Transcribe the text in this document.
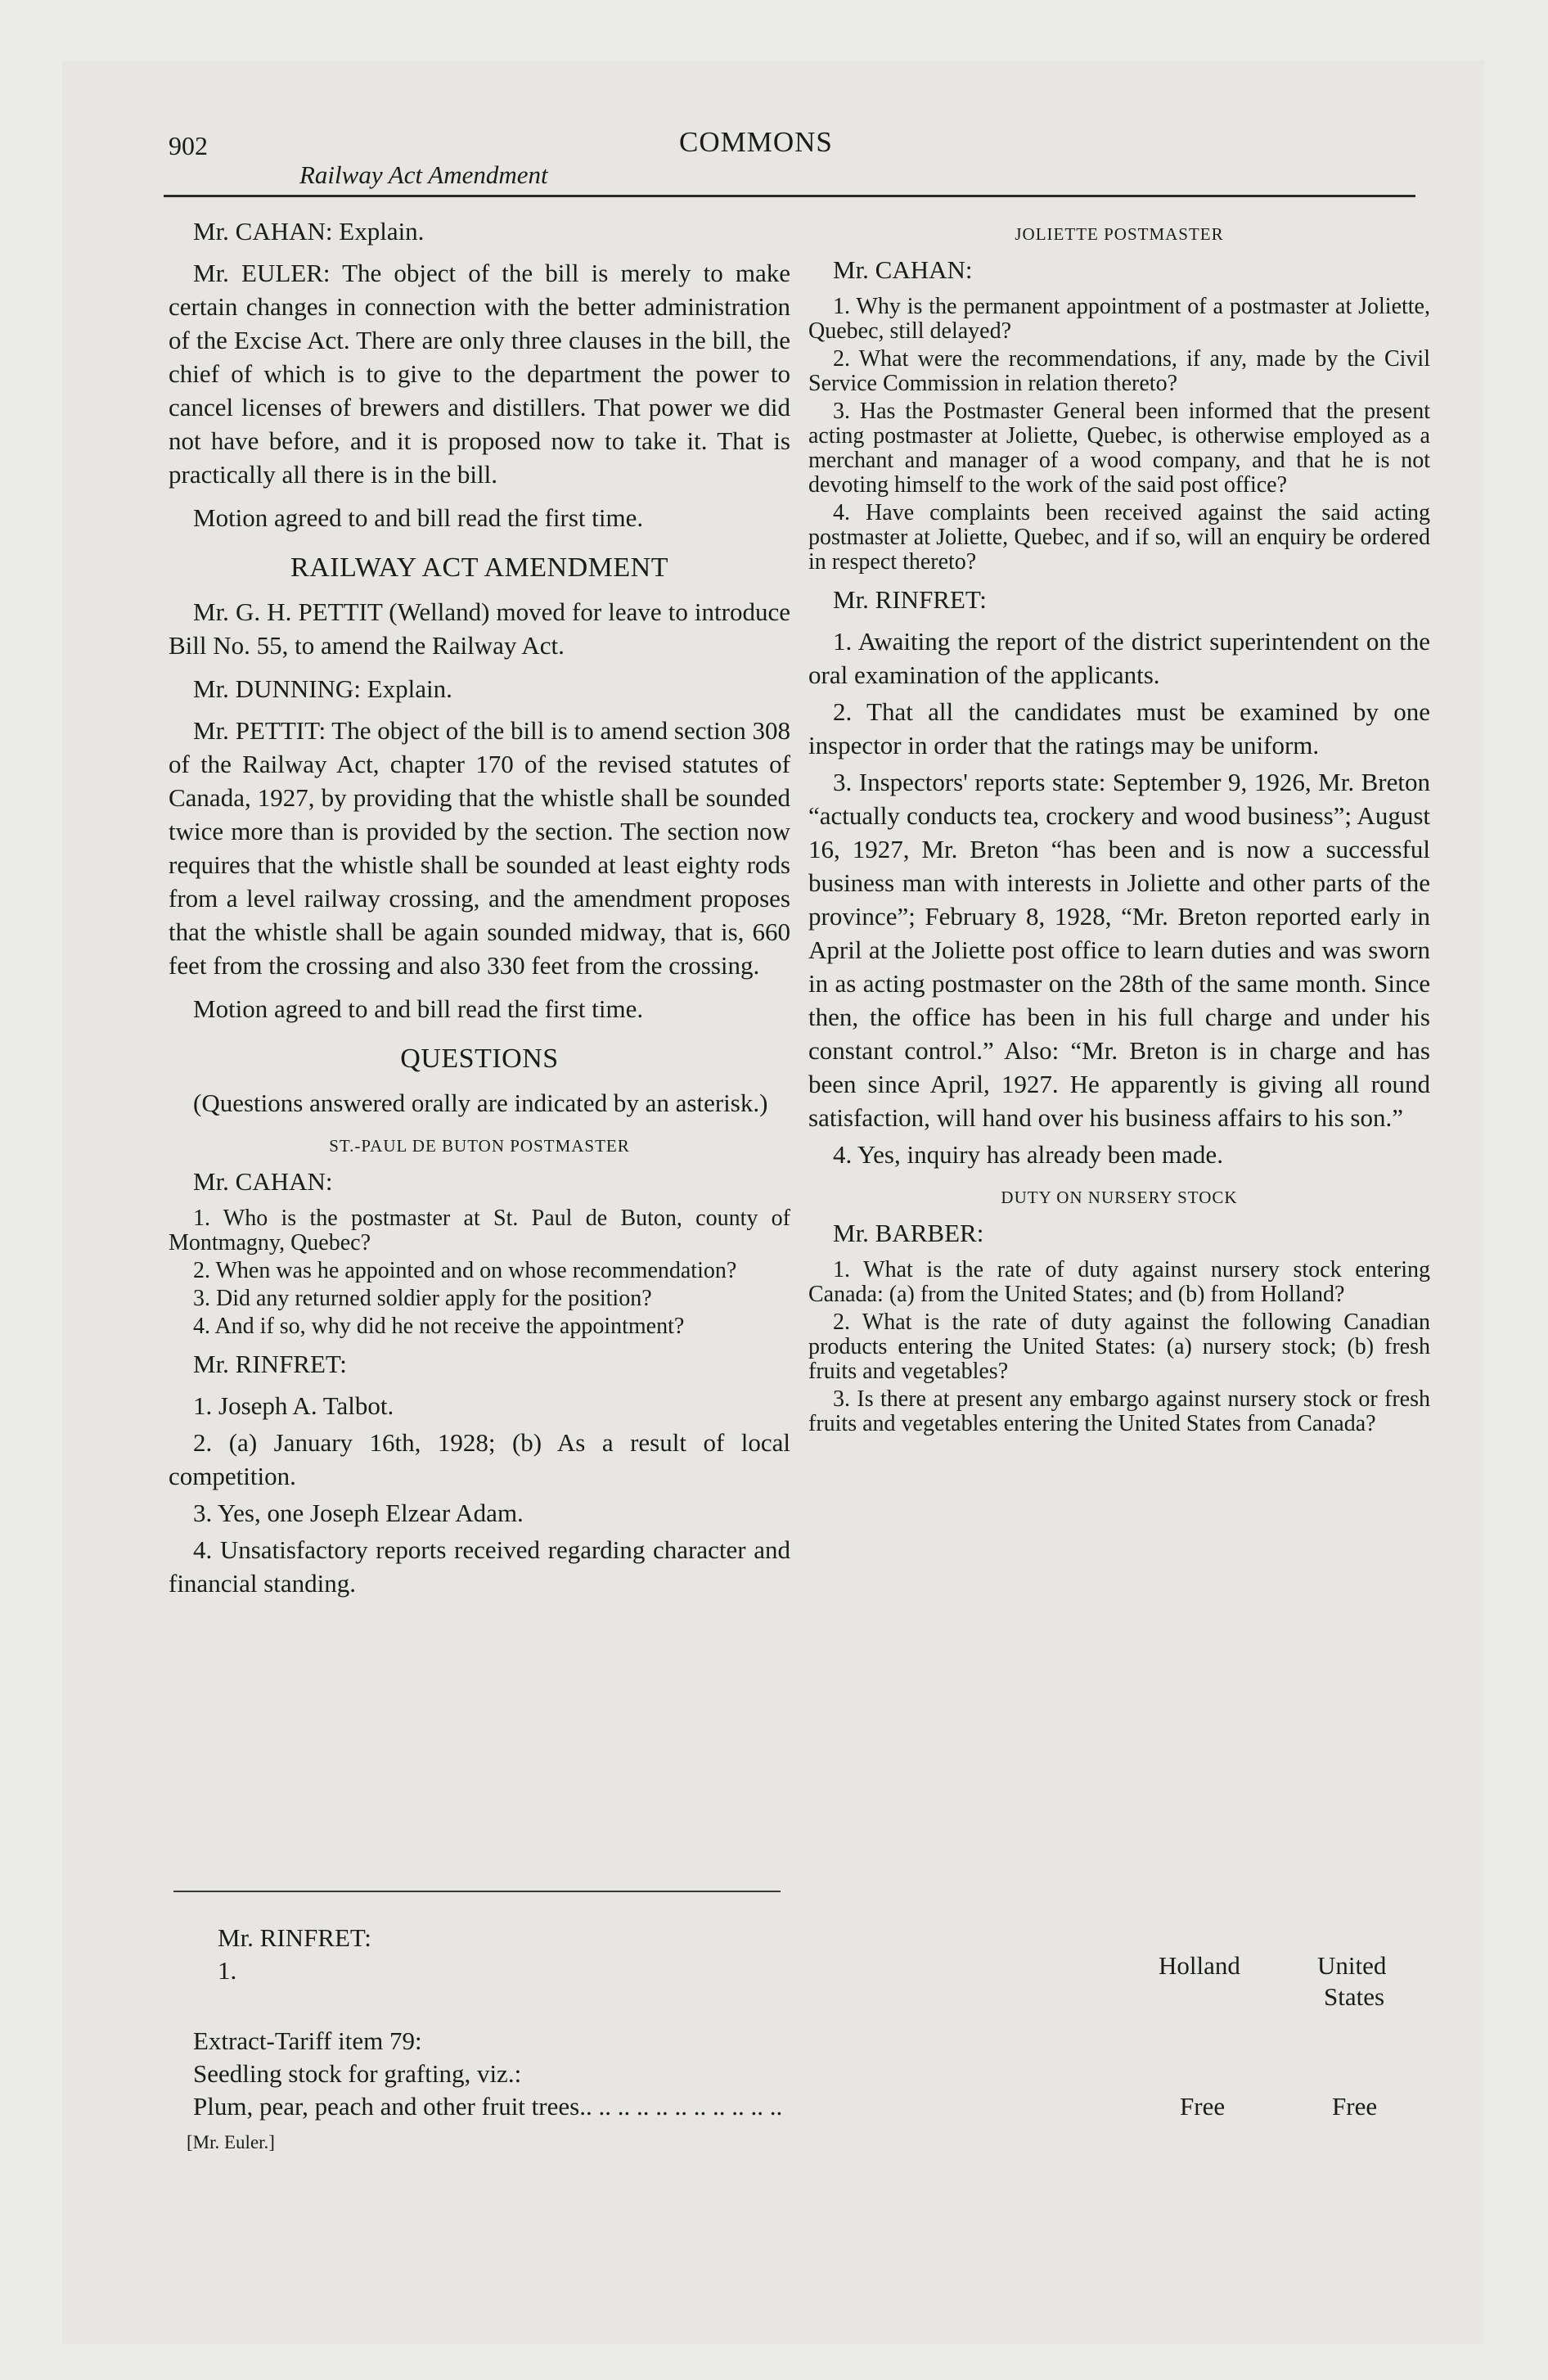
902	COMMONS
Railway Act Amendment

Mr. CAHAN: Explain.

Mr. EULER: The object of the bill is merely to make certain changes in connection with the better administration of the Excise Act. There are only three clauses in the bill, the chief of which is to give to the department the power to cancel licenses of brewers and distillers. That power we did not have before, and it is proposed now to take it. That is practically all there is in the bill.

Motion agreed to and bill read the first time.

RAILWAY ACT AMENDMENT

Mr. G. H. PETTIT (Welland) moved for leave to introduce Bill No. 55, to amend the Railway Act.

Mr. DUNNING: Explain.

Mr. PETTIT: The object of the bill is to amend section 308 of the Railway Act, chapter 170 of the revised statutes of Canada, 1927, by providing that the whistle shall be sounded twice more than is provided by the section. The section now requires that the whistle shall be sounded at least eighty rods from a level railway crossing, and the amendment proposes that the whistle shall be again sounded midway, that is, 660 feet from the crossing and also 330 feet from the crossing.

Motion agreed to and bill read the first time.

QUESTIONS

(Questions answered orally are indicated by an asterisk.)

ST.-PAUL DE BUTON POSTMASTER

Mr. CAHAN:

1. Who is the postmaster at St. Paul de Buton, county of Montmagny, Quebec?

2. When was he appointed and on whose recommendation?

3. Did any returned soldier apply for the position?

4. And if so, why did he not receive the appointment?

Mr. RINFRET:

1. Joseph A. Talbot.

2. (a) January 16th, 1928; (b) As a result of local competition.

3. Yes, one Joseph Elzear Adam.

4. Unsatisfactory reports received regarding character and financial standing.

JOLIETTE POSTMASTER

Mr. CAHAN:

1. Why is the permanent appointment of a postmaster at Joliette, Quebec, still delayed?

2. What were the recommendations, if any, made by the Civil Service Commission in relation thereto?

3. Has the Postmaster General been informed that the present acting postmaster at Joliette, Quebec, is otherwise employed as a merchant and manager of a wood company, and that he is not devoting himself to the work of the said post office?

4. Have complaints been received against the said acting postmaster at Joliette, Quebec, and if so, will an enquiry be ordered in respect thereto?

Mr. RINFRET:

1. Awaiting the report of the district superintendent on the oral examination of the applicants.

2. That all the candidates must be examined by one inspector in order that the ratings may be uniform.

3. Inspectors' reports state: September 9, 1926, Mr. Breton “actually conducts tea, crockery and wood business”; August 16, 1927, Mr. Breton “has been and is now a successful business man with interests in Joliette and other parts of the province”; February 8, 1928, “Mr. Breton reported early in April at the Joliette post office to learn duties and was sworn in as acting postmaster on the 28th of the same month. Since then, the office has been in his full charge and under his constant control.” Also: “Mr. Breton is in charge and has been since April, 1927. He apparently is giving all round satisfaction, will hand over his business affairs to his son.”

4. Yes, inquiry has already been made.

DUTY ON NURSERY STOCK

Mr. BARBER:

1. What is the rate of duty against nursery stock entering Canada: (a) from the United States; and (b) from Holland?

2. What is the rate of duty against the following Canadian products entering the United States: (a) nursery stock; (b) fresh fruits and vegetables?

3. Is there at present any embargo against nursery stock or fresh fruits and vegetables entering the United States from Canada?

Mr. RINFRET:
1.	Holland	United
States
Extract-Tariff item 79:
Seedling stock for grafting, viz.:
Plum, pear, peach and other fruit trees.. .. .. .. .. .. .. .. .. .. ..	Free	Free
[Mr. Euler.]
